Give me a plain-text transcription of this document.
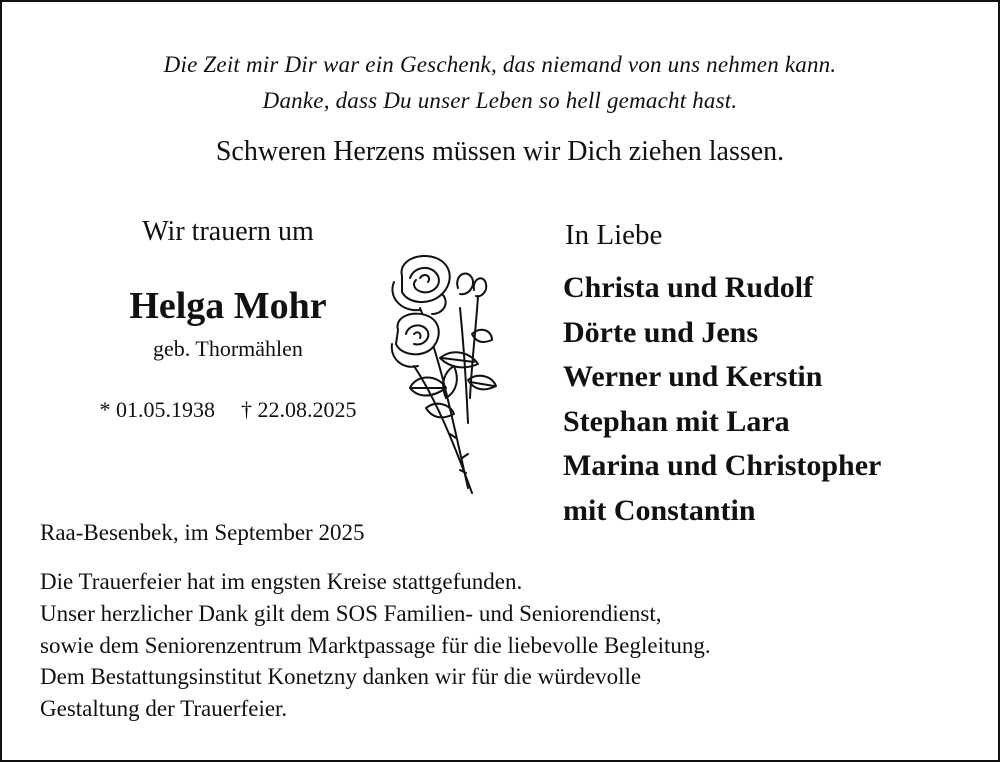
Die Zeit mir Dir war ein Geschenk, das niemand von uns nehmen kann.
Danke, dass Du unser Leben so hell gemacht hast.
Schweren Herzens müssen wir Dich ziehen lassen.
Wir trauern um
Helga Mohr
geb. Thormählen
* 01.05.1938 † 22.08.2025
Raa-Besenbek, im September 2025
In Liebe
Christa und Rudolf
Dörte und Jens
Werner und Kerstin
Stephan mit Lara
Marina und Christopher
mit Constantin
Die Trauerfeier hat im engsten Kreise stattgefunden.
Unser herzlicher Dank gilt dem SOS Familien- und Seniorendienst,
sowie dem Seniorenzentrum Marktpassage für die liebevolle Begleitung.
Dem Bestattungsinstitut Konetzny danken wir für die würdevolle
Gestaltung der Trauerfeier.
